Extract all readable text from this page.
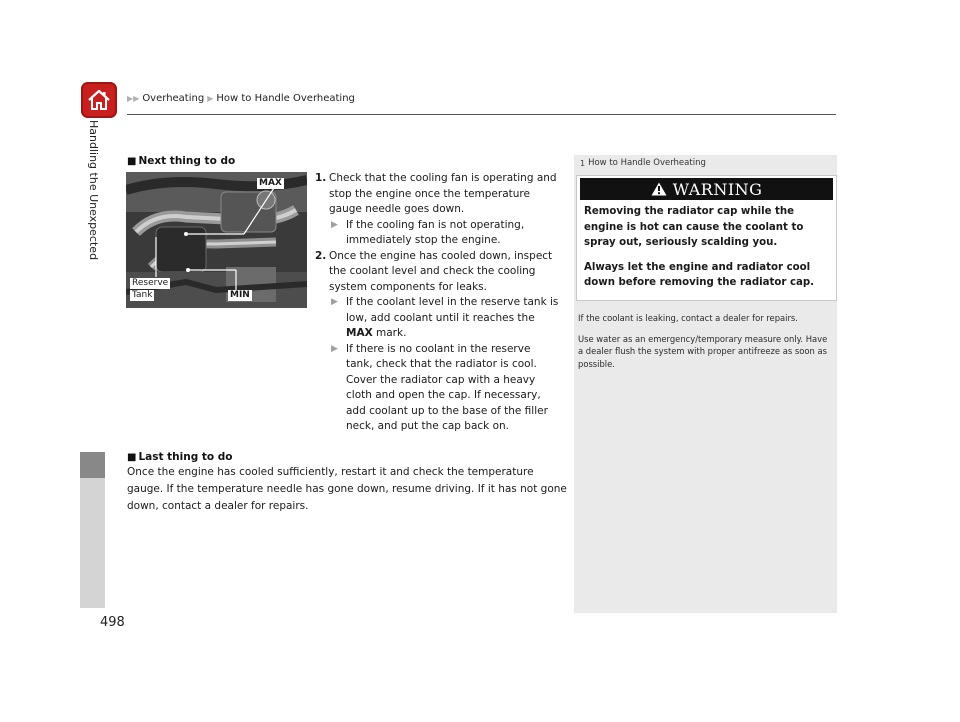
▶▶ Overheating ▶ How to Handle Overheating
Handling the Unexpected	■ Next thing to do
MAX
MIN
Reserve
Tank

1. Check that the cooling fan is operating and stop the engine once the temperature gauge needle goes down.

▶ If the cooling fan is not operating, immediately stop the engine.

2. Once the engine has cooled down, inspect the coolant level and check the cooling system components for leaks.

▶ If the coolant level in the reserve tank is low, add coolant until it reaches the MAX mark.

▶ If there is no coolant in the reserve tank, check that the radiator is cool. Cover the radiator cap with a heavy cloth and open the cap. If necessary, add coolant up to the base of the filler neck, and put the cap back on.

■ Last thing to do
Once the engine has cooled sufficiently, restart it and check the temperature gauge. If the temperature needle has gone down, resume driving. If it has not gone down, contact a dealer for repairs.
1 How to Handle Overheating
WARNING

Removing the radiator cap while the engine is hot can cause the coolant to spray out, seriously scalding you.

Always let the engine and radiator cool down before removing the radiator cap.

If the coolant is leaking, contact a dealer for repairs.

Use water as an emergency/temporary measure only. Have a dealer flush the system with proper antifreeze as soon as possible.

498
